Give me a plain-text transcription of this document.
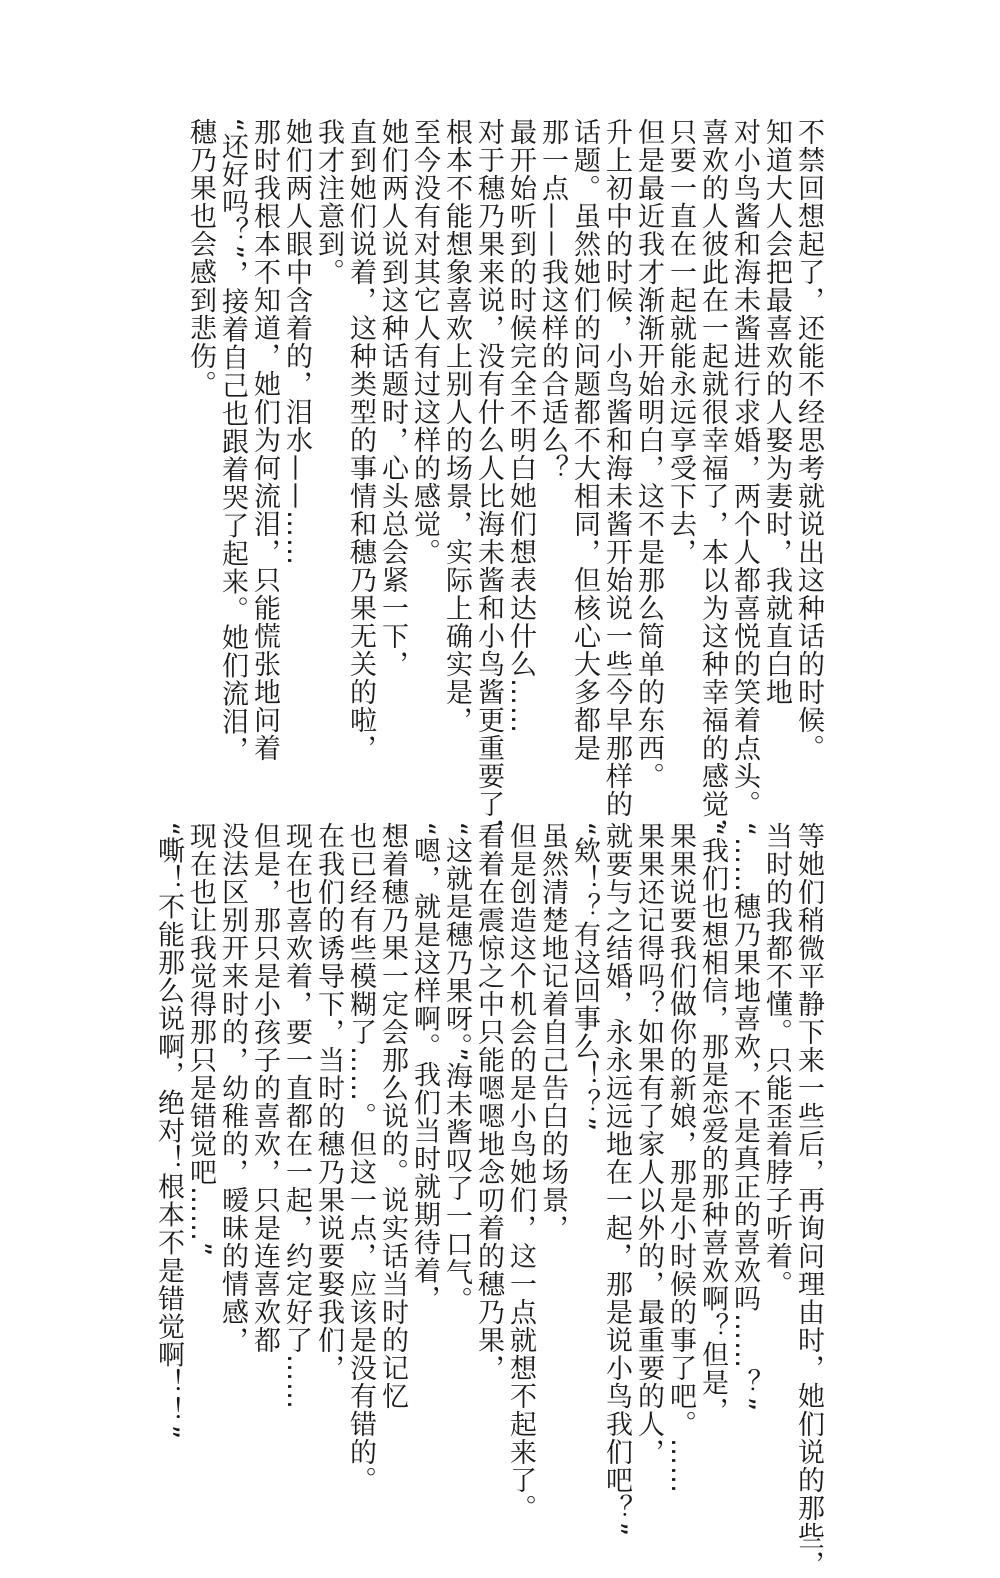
不禁回想起了，还能不经思考就说出这种话的时候。
知道大人会把最喜欢的人娶为妻时，我就直白地
对小鸟酱和海未酱进行求婚，两个人都喜悦的笑着点头。
喜欢的人彼此在一起就很幸福了，本以为这种幸福的感觉，
只要一直在一起就能永远享受下去，
但是最近我才渐渐开始明白，这不是那么简单的东西。
升上初中的时候，小鸟酱和海未酱开始说一些今早那样的
话题。虽然她们的问题都不大相同，但核心大多都是
那一点——我这样的合适么？
最开始听到的时候完全不明白她们想表达什么……
对于穗乃果来说，没有什么人比海未酱和小鸟酱更重要了，
根本不能想象喜欢上别人的场景，实际上确实是，
至今没有对其它人有过这样的感觉。
她们两人说到这种话题时，心头总会紧一下，
直到她们说着，这种类型的事情和穗乃果无关的啦，
我才注意到。
她们两人眼中含着的，泪水——……
那时我根本不知道，她们为何流泪，只能慌张地问着
“还好吗？”，接着自己也跟着哭了起来。她们流泪，
穗乃果也会感到悲伤。
等她们稍微平静下来一些后，再询问理由时，她们说的那些，
当时的我都不懂。只能歪着脖子听着。
“……穗乃果地喜欢，不是真正的喜欢吗……？”
“我们也想相信，那是恋爱的那种喜欢啊？但是，
果果说要我们做你的新娘，那是小时候的事了吧。……
果果还记得吗？如果有了家人以外的，最重要的人，
就要与之结婚，永永远远地在一起，那是说小鸟我们吧？”
“欸！？有这回事么！？”
虽然清楚地记着自己告白的场景，
但是创造这个机会的是小鸟她们，这一点就想不起来了。
看着在震惊之中只能嗯嗯地念叨着的穗乃果，
“这就是穗乃果呀。”海未酱叹了一口气。
“嗯，就是这样啊。我们当时就期待着，
想着穗乃果一定会那么说的。说实话当时的记忆
也已经有些模糊了……。但这一点，应该是没有错的。
在我们的诱导下，当时的穗乃果说要娶我们，
现在也喜欢着，要一直都在一起，约定好了……
但是，那只是小孩子的喜欢，只是连喜欢都
没法区别开来时的，幼稚的，暧昧的情感，
现在也让我觉得那只是错觉吧……”
“嘶！不能那么说啊，绝对！根本不是错觉啊！！”
